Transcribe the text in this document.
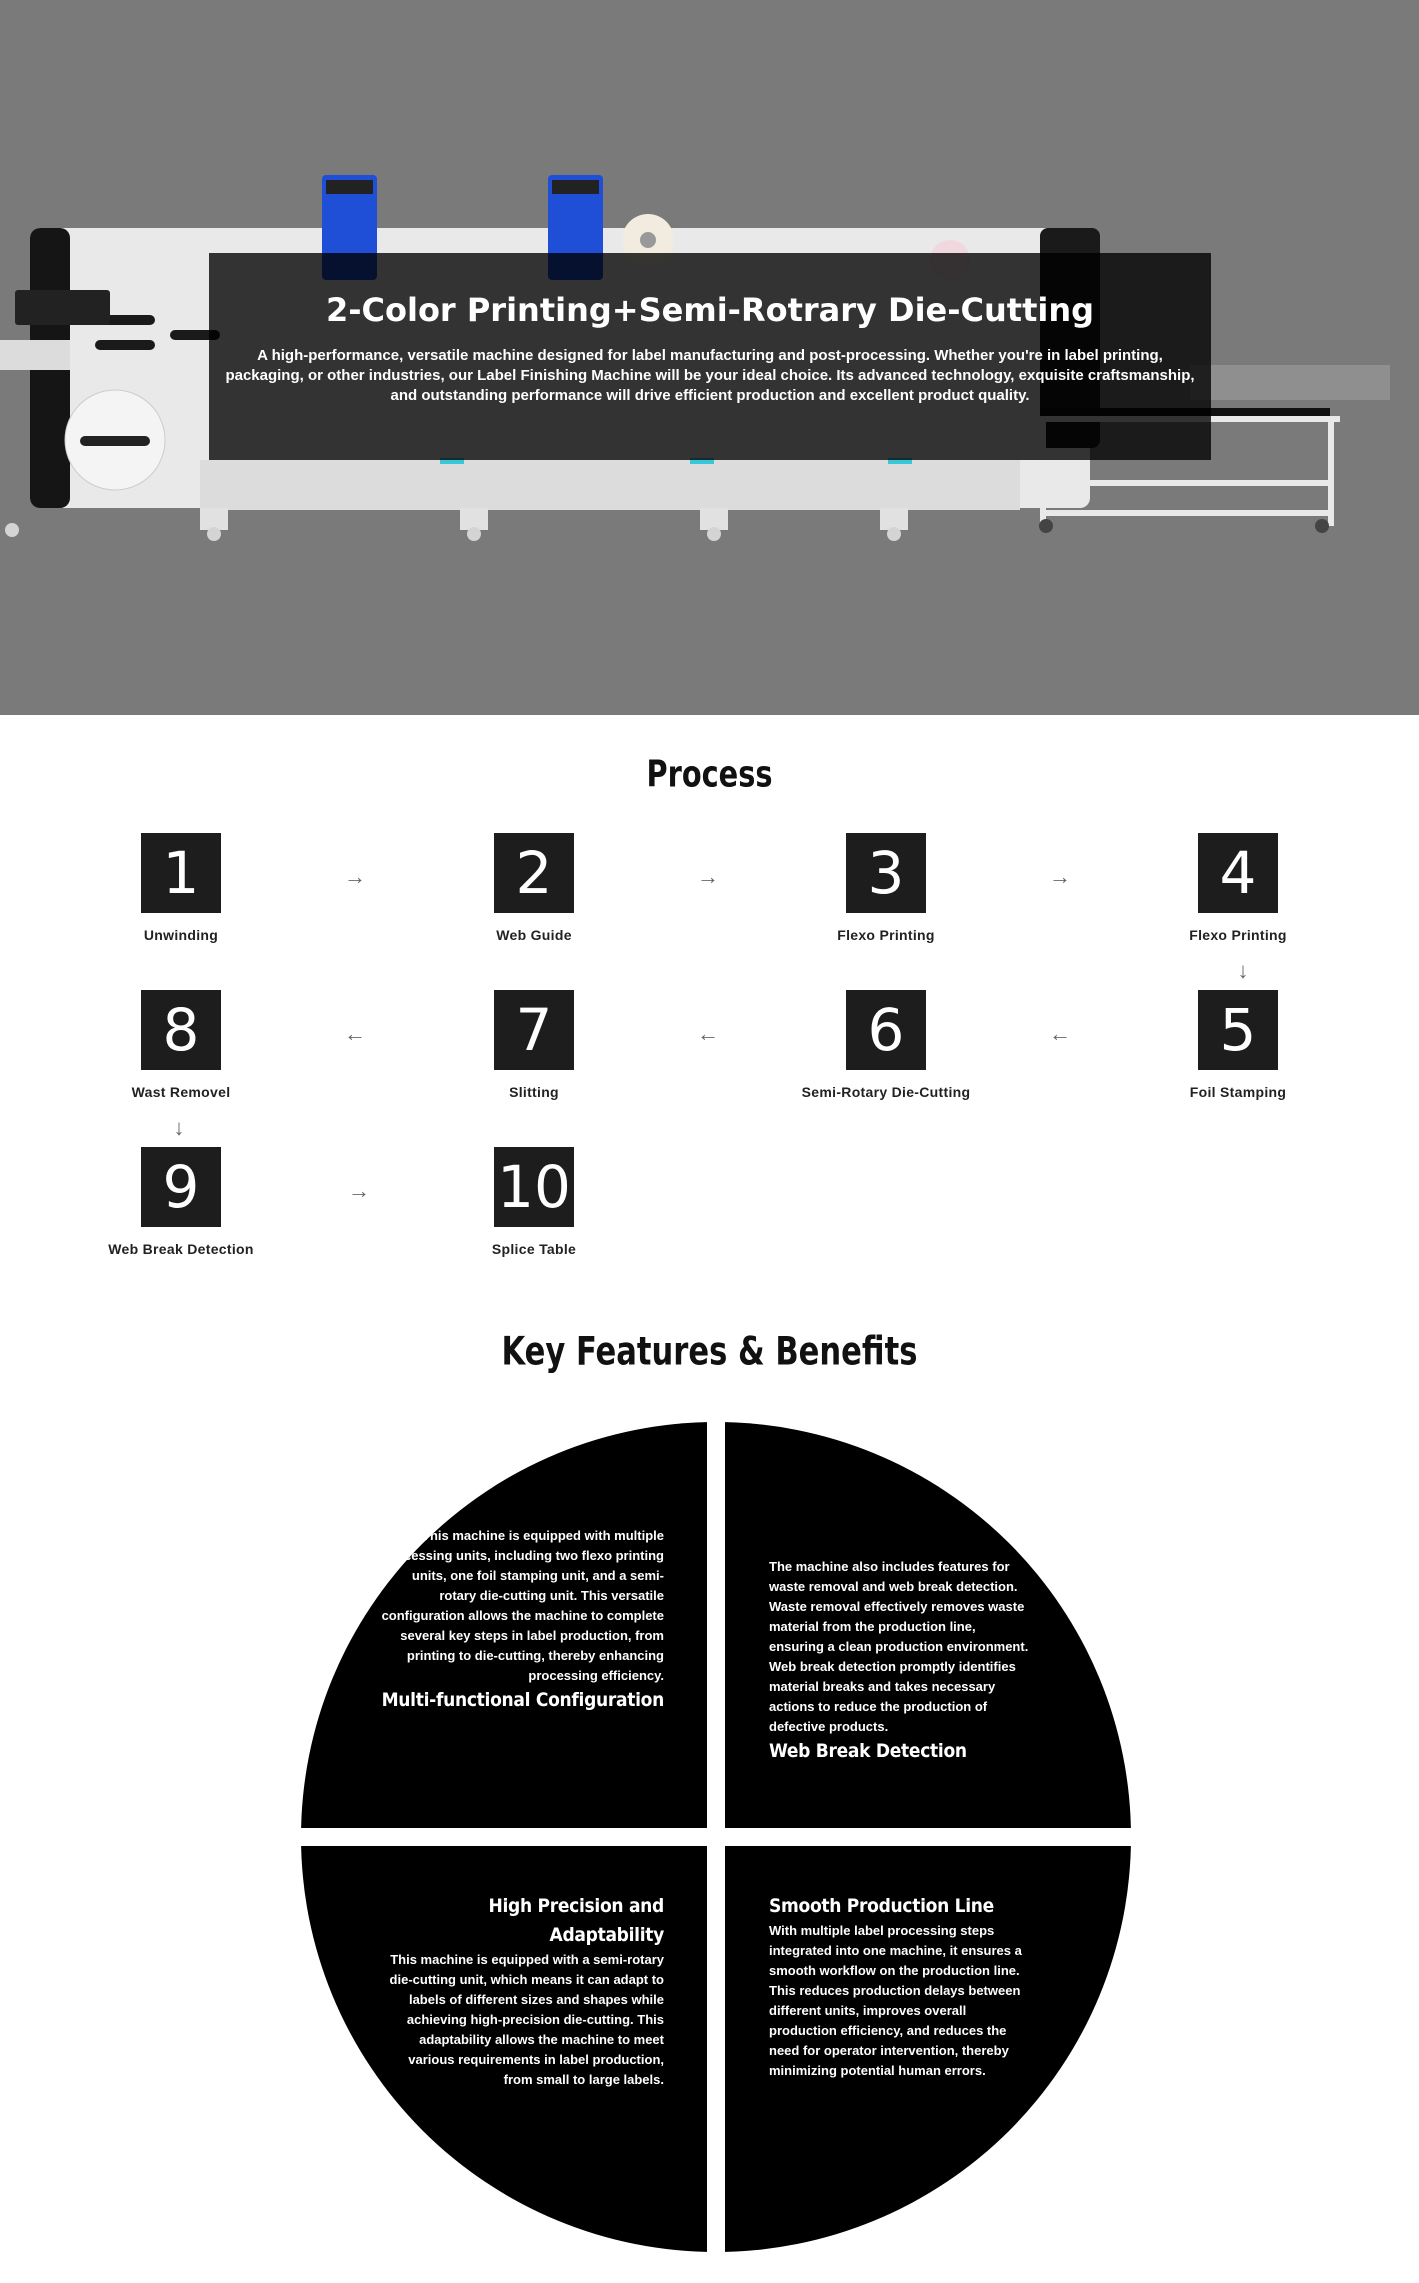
2-Color Printing+Semi-Rotrary Die-Cutting

A high-performance, versatile machine designed for label manufacturing and post-processing. Whether you're in label printing, packaging, or other industries, our Label Finishing Machine will be your ideal choice. Its advanced technology, exquisite craftsmanship, and outstanding performance will drive efficient production and excellent product quality.

Process
1
Unwinding
2
Web Guide
3
Flexo Printing
4
Flexo Printing
5
Foil Stamping
6
Semi-Rotary Die-Cutting
7
Slitting
8
Wast Removel
9
Web Break Detection
10
Splice Table
→	→	→
↓
←
←
←
↓
→
Key Features & Benefits

This machine is equipped with multiple processing units, including two flexo printing units, one foil stamping unit, and a semi-rotary die-cutting unit. This versatile configuration allows the machine to complete several key steps in label production, from printing to die-cutting, thereby enhancing processing efficiency.

Multi-functional Configuration

The machine also includes features for waste removal and web break detection. Waste removal effectively removes waste material from the production line, ensuring a clean production environment. Web break detection promptly identifies material breaks and takes necessary actions to reduce the production of defective products.

Web Break Detection

High Precision and Adaptability

This machine is equipped with a semi-rotary die-cutting unit, which means it can adapt to labels of different sizes and shapes while achieving high-precision die-cutting. This adaptability allows the machine to meet various requirements in label production, from small to large labels.

Smooth Production Line

With multiple label processing steps integrated into one machine, it ensures a smooth workflow on the production line. This reduces production delays between different units, improves overall production efficiency, and reduces the need for operator intervention, thereby minimizing potential human errors.
